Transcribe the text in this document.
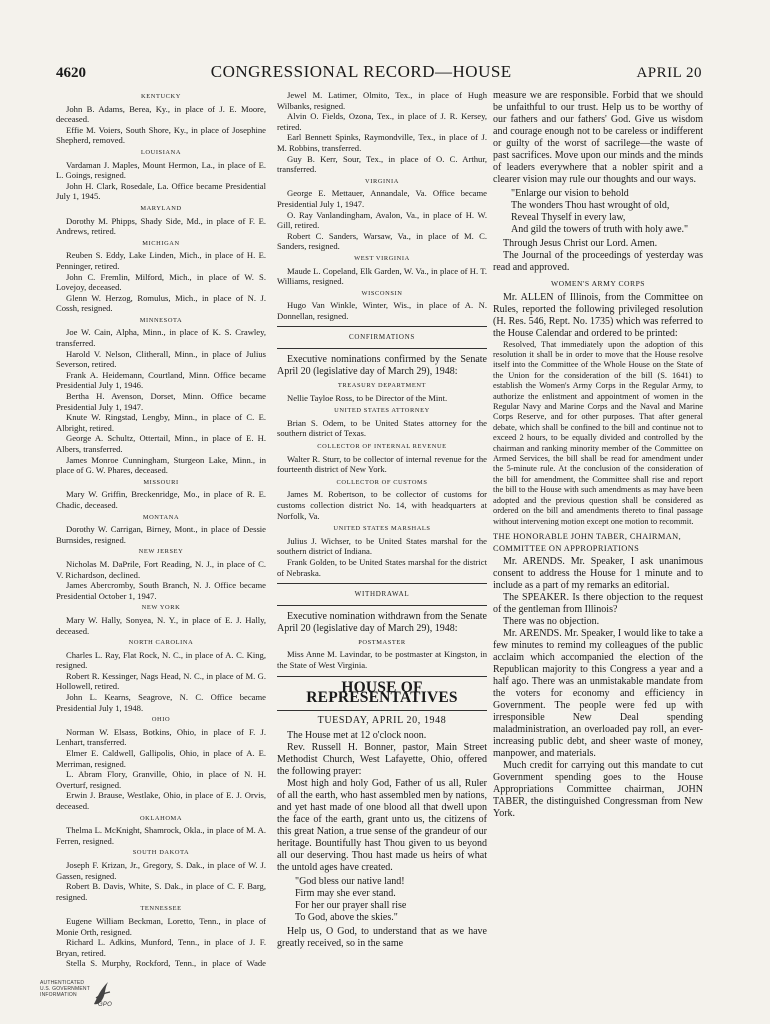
4620	CONGRESSIONAL RECORD—HOUSE	APRIL 20
KENTUCKY

John B. Adams, Berea, Ky., in place of J. E. Moore, deceased.

Effie M. Voiers, South Shore, Ky., in place of Josephine Shepherd, removed.

LOUISIANA

Vardaman J. Maples, Mount Hermon, La., in place of E. L. Goings, resigned.

John H. Clark, Rosedale, La. Office became Presidential July 1, 1945.

MARYLAND

Dorothy M. Phipps, Shady Side, Md., in place of F. E. Andrews, retired.

MICHIGAN

Reuben S. Eddy, Lake Linden, Mich., in place of H. E. Penninger, retired.

John C. Fremlin, Milford, Mich., in place of W. S. Lovejoy, deceased.

Glenn W. Herzog, Romulus, Mich., in place of N. J. Cossh, resigned.

MINNESOTA

Joe W. Cain, Alpha, Minn., in place of K. S. Crawley, transferred.

Harold V. Nelson, Clitherall, Minn., in place of Julius Severson, retired.

Frank A. Heidemann, Courtland, Minn. Office became Presidential July 1, 1946.

Bertha H. Avenson, Dorset, Minn. Office became Presidential July 1, 1947.

Knute W. Ringstad, Lengby, Minn., in place of C. E. Albright, retired.

George A. Schultz, Ottertail, Minn., in place of E. H. Albers, transferred.

James Monroe Cunningham, Sturgeon Lake, Minn., in place of G. W. Phares, deceased.

MISSOURI

Mary W. Griffin, Breckenridge, Mo., in place of R. E. Chadic, deceased.

MONTANA

Dorothy W. Carrigan, Birney, Mont., in place of Dessie Burnsides, resigned.

NEW JERSEY

Nicholas M. DaPrile, Fort Reading, N. J., in place of C. V. Richardson, declined.

James Abercromby, South Branch, N. J. Office became Presidential October 1, 1947.

NEW YORK

Mary W. Hally, Sonyea, N. Y., in place of E. J. Hally, deceased.

NORTH CAROLINA

Charles L. Ray, Flat Rock, N. C., in place of A. C. King, resigned.

Robert R. Kessinger, Nags Head, N. C., in place of M. G. Hollowell, retired.

John L. Kearns, Seagrove, N. C. Office became Presidential July 1, 1948.

OHIO

Norman W. Elsass, Botkins, Ohio, in place of F. J. Lenhart, transferred.

Elmer E. Caldwell, Gallipolis, Ohio, in place of A. E. Merriman, resigned.

L. Abram Flory, Granville, Ohio, in place of N. H. Overturf, resigned.

Erwin J. Brause, Westlake, Ohio, in place of E. J. Orvis, deceased.

OKLAHOMA

Thelma L. McKnight, Shamrock, Okla., in place of M. A. Ferren, resigned.

SOUTH DAKOTA

Joseph F. Krizan, Jr., Gregory, S. Dak., in place of W. J. Gassen, resigned.

Robert B. Davis, White, S. Dak., in place of C. F. Barg, resigned.

TENNESSEE

Eugene William Beckman, Loretto, Tenn., in place of Monie Orth, resigned.

Richard L. Adkins, Munford, Tenn., in place of J. F. Bryan, retired.

Stella S. Murphy, Rockford, Tenn., in place of Wade

Jewel M. Latimer, Olmito, Tex., in place of Hugh Wilbanks, resigned.

Alvin O. Fields, Ozona, Tex., in place of J. R. Kersey, retired.

Earl Bennett Spinks, Raymondville, Tex., in place of J. M. Robbins, transferred.

Guy B. Kerr, Sour, Tex., in place of O. C. Arthur, transferred.

VIRGINIA

George E. Mettauer, Annandale, Va. Office became Presidential July 1, 1947.

O. Ray Vanlandingham, Avalon, Va., in place of H. W. Gill, retired.

Robert C. Sanders, Warsaw, Va., in place of M. C. Sanders, resigned.

WEST VIRGINIA

Maude L. Copeland, Elk Garden, W. Va., in place of H. T. Williams, resigned.

WISCONSIN

Hugo Van Winkle, Winter, Wis., in place of A. N. Donnellan, resigned.

CONFIRMATIONS

Executive nominations confirmed by the Senate April 20 (legislative day of March 29), 1948:

TREASURY DEPARTMENT

Nellie Tayloe Ross, to be Director of the Mint.

UNITED STATES ATTORNEY

Brian S. Odem, to be United States attorney for the southern district of Texas.

COLLECTOR OF INTERNAL REVENUE

Walter R. Sturr, to be collector of internal revenue for the fourteenth district of New York.

COLLECTOR OF CUSTOMS

James M. Robertson, to be collector of customs for customs collection district No. 14, with headquarters at Norfolk, Va.

UNITED STATES MARSHALS

Julius J. Wichser, to be United States marshal for the southern district of Indiana.

Frank Golden, to be United States marshal for the district of Nebraska.

WITHDRAWAL

Executive nomination withdrawn from the Senate April 20 (legislative day of March 29), 1948:

POSTMASTER

Miss Anne M. Lavindar, to be postmaster at Kingston, in the State of West Virginia.

HOUSE OF REPRESENTATIVES
TUESDAY, APRIL 20, 1948

The House met at 12 o'clock noon.

Rev. Russell H. Bonner, pastor, Main Street Methodist Church, West Lafayette, Ohio, offered the following prayer:

Most high and holy God, Father of us all, Ruler of all the earth, who hast assembled men by nations, and yet hast made of one blood all that dwell upon the face of the earth, grant unto us, the citizens of this great Nation, a true sense of the grandeur of our heritage. Bountifully hast Thou given to us beyond all our deserving. Thou hast made us heirs of what the untold ages have created.

"God bless our native land!
Firm may she ever stand.
For her our prayer shall rise
To God, above the skies."

Help us, O God, to understand that as we have greatly received, so in the same

measure we are responsible. Forbid that we should be unfaithful to our trust. Help us to be worthy of our fathers and our fathers' God. Give us wisdom and courage enough not to be careless or indifferent or guilty of the worst of sacrilege—the waste of past sacrifices. Move upon our minds and the minds of leaders everywhere that a nobler spirit and a clearer vision may rule our thoughts and our ways.

"Enlarge our vision to behold
The wonders Thou hast wrought of old,
Reveal Thyself in every law,
And gild the towers of truth with holy awe."

Through Jesus Christ our Lord. Amen.

The Journal of the proceedings of yesterday was read and approved.

WOMEN'S ARMY CORPS

Mr. ALLEN of Illinois, from the Committee on Rules, reported the following privileged resolution (H. Res. 546, Rept. No. 1735) which was referred to the House Calendar and ordered to be printed:

Resolved, That immediately upon the adoption of this resolution it shall be in order to move that the House resolve itself into the Committee of the Whole House on the State of the Union for the consideration of the bill (S. 1641) to establish the Women's Army Corps in the Regular Army, to authorize the enlistment and appointment of women in the Regular Navy and Marine Corps and the Naval and Marine Corps Reserve, and for other purposes. That after general debate, which shall be confined to the bill and continue not to exceed 2 hours, to be equally divided and controlled by the chairman and ranking minority member of the Committee on Armed Services, the bill shall be read for amendment under the 5-minute rule. At the conclusion of the consideration of the bill for amendment, the Committee shall rise and report the bill to the House with such amendments as may have been adopted and the previous question shall be considered as ordered on the bill and amendments thereto to final passage without intervening motion except one motion to recommit.

THE HONORABLE JOHN TABER, CHAIRMAN, COMMITTEE ON APPROPRIATIONS

Mr. ARENDS. Mr. Speaker, I ask unanimous consent to address the House for 1 minute and to include as a part of my remarks an editorial.

The SPEAKER. Is there objection to the request of the gentleman from Illinois?

There was no objection.

Mr. ARENDS. Mr. Speaker, I would like to take a few minutes to remind my colleagues of the public acclaim which accompanied the election of the Republican majority to this Congress a year and a half ago. There was an unmistakable mandate from the voters for economy and efficiency in Government. The people were fed up with irresponsible New Deal spending maladministration, an overloaded pay roll, an ever-increasing public debt, and sheer waste of money, manpower, and materials.

Much credit for carrying out this mandate to cut Government spending goes to the House Appropriations Committee chairman, JOHN TABER, the distinguished Congressman from New York.

AUTHENTICATED
U.S. GOVERNMENT
INFORMATION
GPO
